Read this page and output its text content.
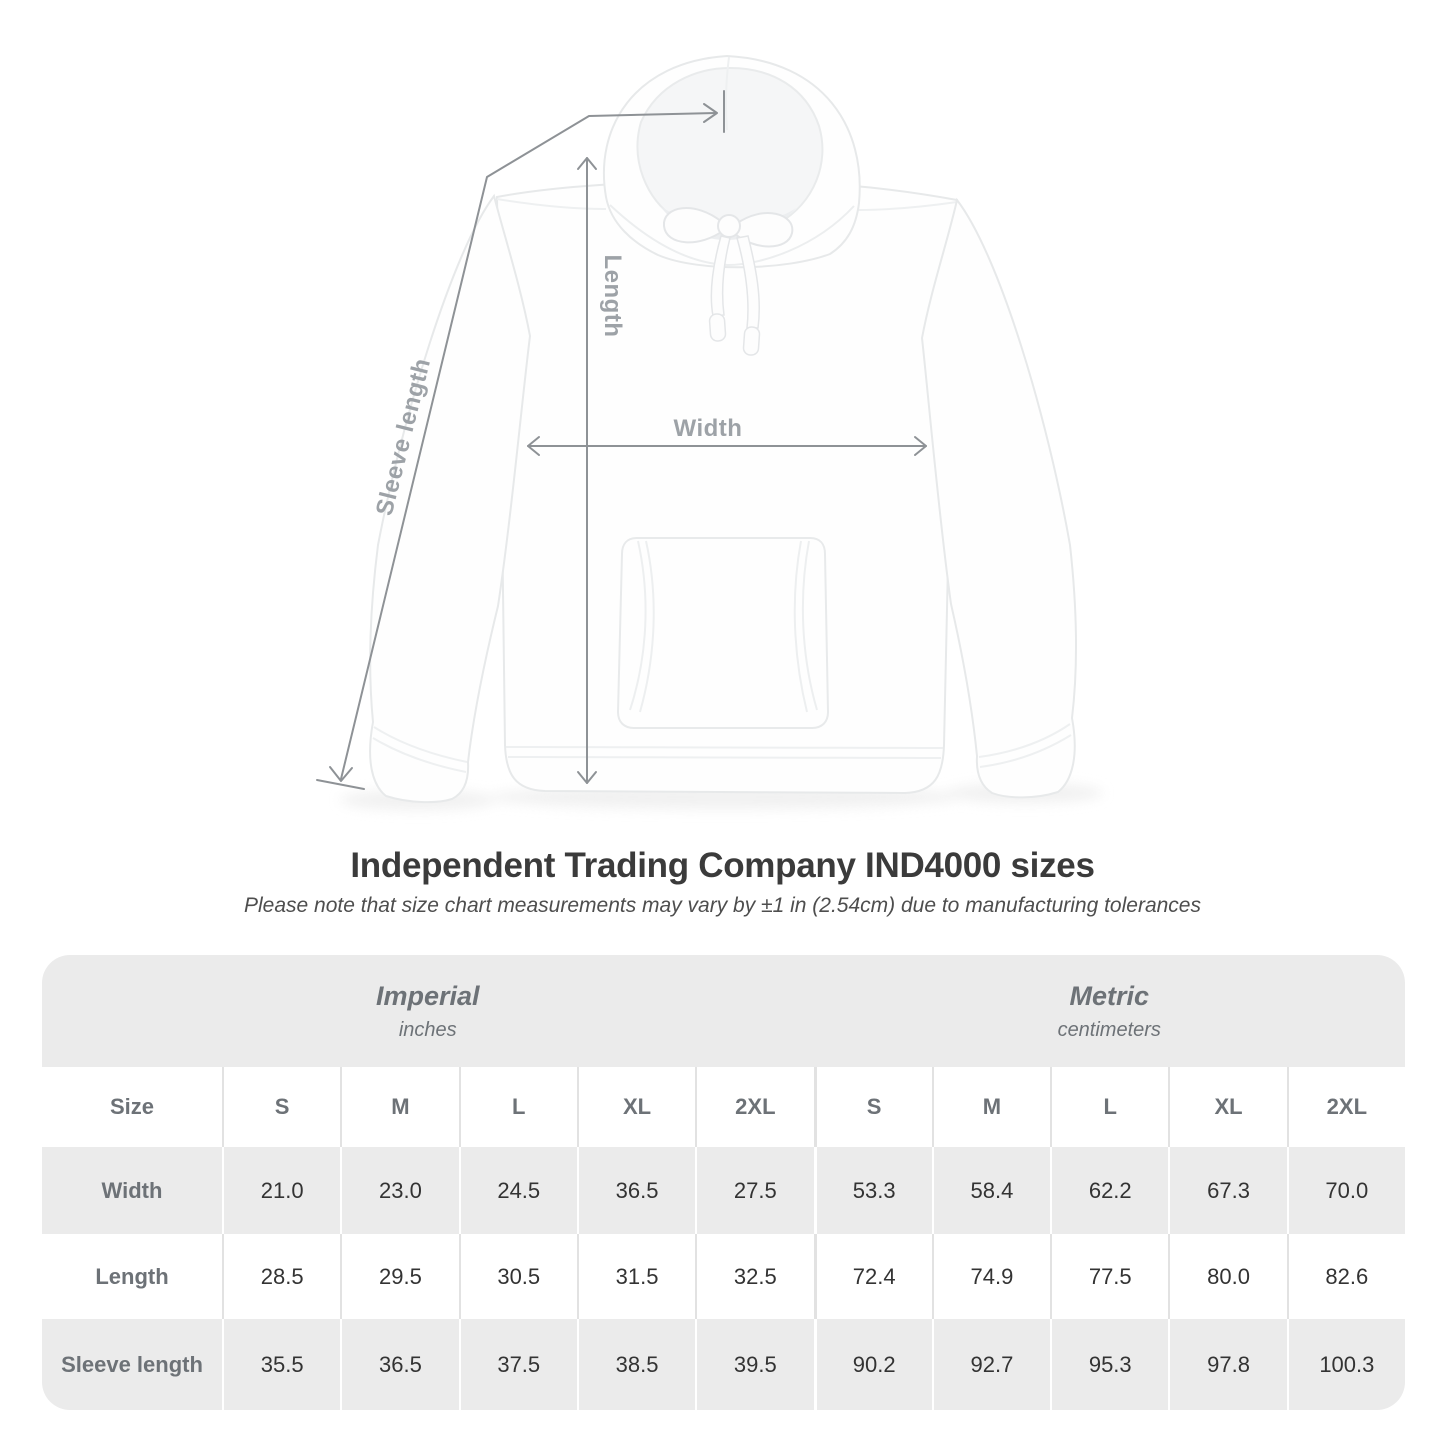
Length
Width
Sleeve length
Independent Trading Company IND4000 sizes
Please note that size chart measurements may vary by ±1 in (2.54cm) due to manufacturing tolerances
Imperial
inches
Metric
centimeters
Size	S	M	L	XL	2XL	S	M	L	XL	2XL
Width	21.0	23.0	24.5	36.5	27.5	53.3	58.4	62.2	67.3	70.0
Length	28.5	29.5	30.5	31.5	32.5	72.4	74.9	77.5	80.0	82.6
Sleeve length	35.5	36.5	37.5	38.5	39.5	90.2	92.7	95.3	97.8	100.3
